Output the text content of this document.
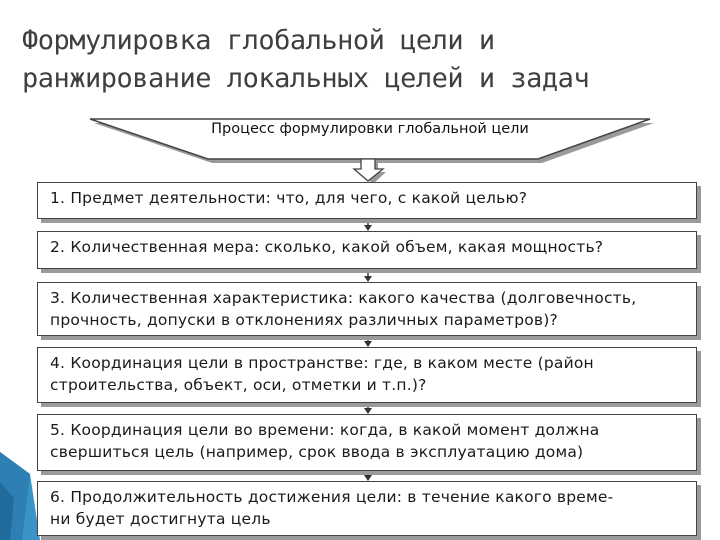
Формулировка глобальной цели и
ранжирование локальных целей и задач
Процесс формулировки глобальной цели
1. Предмет деятельности: что, для чего, с какой целью?
2. Количественная мера: сколько, какой объем, какая мощность?
3. Количественная характеристика: какого качества (долговечность,
прочность, допуски в отклонениях различных параметров)?
4. Координация цели в пространстве: где, в каком месте (район
строительства, объект, оси, отметки и т.п.)?
5. Координация цели во времени: когда, в какой момент должна
свершиться цель (например, срок ввода в эксплуатацию дома)
6. Продолжительность достижения цели: в течение какого време-
ни будет достигнута цель
